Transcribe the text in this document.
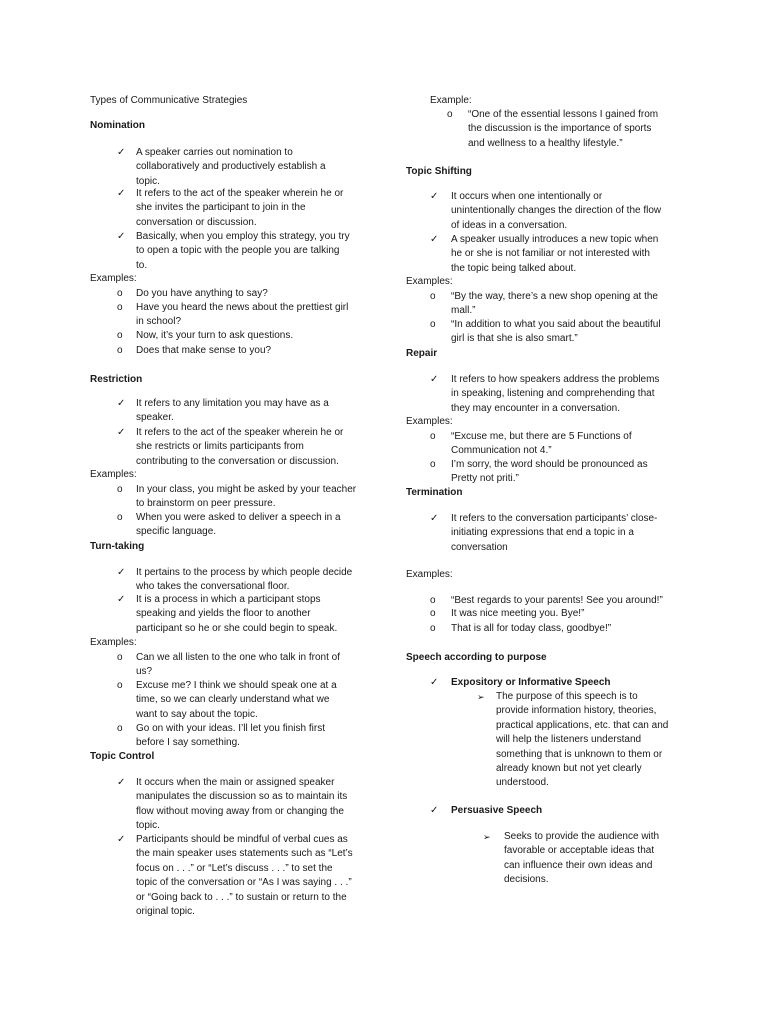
Types of Communicative Strategies
Nomination
✓ A speaker carries out nomination to
collaboratively and productively establish a
topic.
✓ It refers to the act of the speaker wherein he or
she invites the participant to join in the
conversation or discussion.
✓ Basically, when you employ this strategy, you try
to open a topic with the people you are talking
to.
Examples:
o Do you have anything to say?
o Have you heard the news about the prettiest girl
in school?
o Now, it’s your turn to ask questions.
o Does that make sense to you?
Restriction
✓ It refers to any limitation you may have as a
speaker.
✓ It refers to the act of the speaker wherein he or
she restricts or limits participants from
contributing to the conversation or discussion.
Examples:
o In your class, you might be asked by your teacher
to brainstorm on peer pressure.
o When you were asked to deliver a speech in a
specific language.
Turn-taking
✓ It pertains to the process by which people decide
who takes the conversational floor.
✓ It is a process in which a participant stops
speaking and yields the floor to another
participant so he or she could begin to speak.
Examples:
o Can we all listen to the one who talk in front of
us?
o Excuse me? I think we should speak one at a
time, so we can clearly understand what we
want to say about the topic.
o Go on with your ideas. I’ll let you finish first
before I say something.
Topic Control
✓ It occurs when the main or assigned speaker
manipulates the discussion so as to maintain its
flow without moving away from or changing the
topic.
✓ Participants should be mindful of verbal cues as
the main speaker uses statements such as “Let’s
focus on . . .” or “Let’s discuss . . .” to set the
topic of the conversation or “As I was saying . . .”
or “Going back to . . .” to sustain or return to the
original topic.
Example:
o “One of the essential lessons I gained from
the discussion is the importance of sports
and wellness to a healthy lifestyle.”
Topic Shifting
✓ It occurs when one intentionally or
unintentionally changes the direction of the flow
of ideas in a conversation.
✓ A speaker usually introduces a new topic when
he or she is not familiar or not interested with
the topic being talked about.
Examples:
o “By the way, there’s a new shop opening at the
mall.”
o “In addition to what you said about the beautiful
girl is that she is also smart.”
Repair
✓ It refers to how speakers address the problems
in speaking, listening and comprehending that
they may encounter in a conversation.
Examples:
o “Excuse me, but there are 5 Functions of
Communication not 4.”
o I’m sorry, the word should be pronounced as
Pretty not priti.”
Termination
✓ It refers to the conversation participants’ close-
initiating expressions that end a topic in a
conversation
Examples:
o “Best regards to your parents! See you around!”
o It was nice meeting you. Bye!”
o That is all for today class, goodbye!”
Speech according to purpose
✓ Expository or Informative Speech
➢ The purpose of this speech is to
provide information history, theories,
practical applications, etc. that can and
will help the listeners understand
something that is unknown to them or
already known but not yet clearly
understood.
✓ Persuasive Speech
➢ Seeks to provide the audience with
favorable or acceptable ideas that
can influence their own ideas and
decisions.
